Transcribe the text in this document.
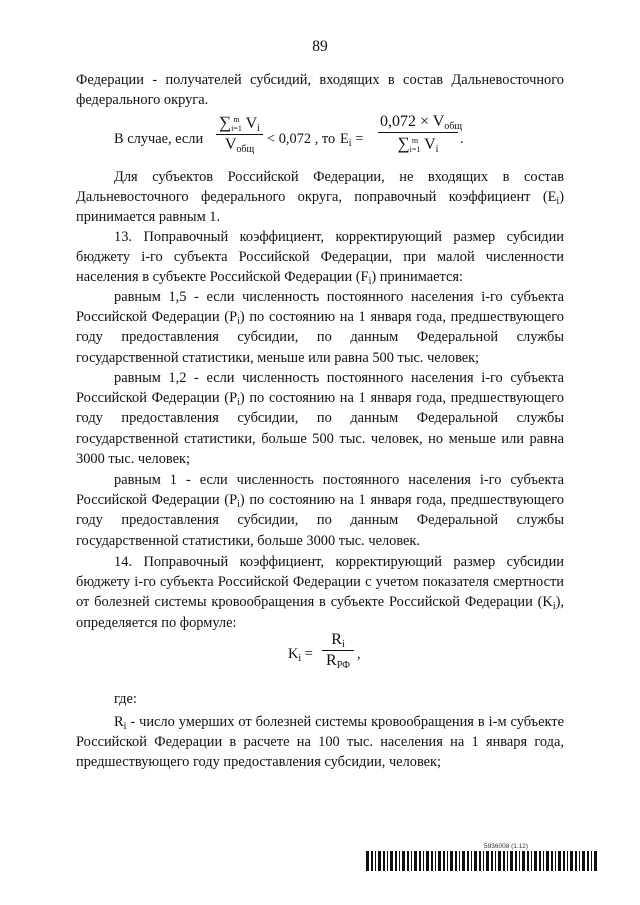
89

Федерации - получателей субсидий, входящих в состав Дальневосточного федерального округа.

В случае, если
∑ m
i=1 $V_i$
$V_{общ}$
< 0,072 , то $E_i$ =
$0,072 \times V_{общ}$
∑ m
i=1 $V_i$
.

Для субъектов Российской Федерации, не входящих в состав Дальневосточного федерального округа, поправочный коэффициент $(E_i)$ принимается равным 1.

13. Поправочный коэффициент, корректирующий размер субсидии бюджету i-го субъекта Российской Федерации, при малой численности населения в субъекте Российской Федерации $(F_i)$ принимается:

равным 1,5 - если численность постоянного населения i-го субъекта Российской Федерации $(P_i)$ по состоянию на 1 января года, предшествующего году предоставления субсидии, по данным Федеральной службы государственной статистики, меньше или равна 500 тыс. человек;

равным 1,2 - если численность постоянного населения i-го субъекта Российской Федерации $(P_i)$ по состоянию на 1 января года, предшествующего году предоставления субсидии, по данным Федеральной службы государственной статистики, больше 500 тыс. человек, но меньше или равна 3000 тыс. человек;

равным 1 - если численность постоянного населения i-го субъекта Российской Федерации $(P_i)$ по состоянию на 1 января года, предшествующего году предоставления субсидии, по данным Федеральной службы государственной статистики, больше 3000 тыс. человек.

14. Поправочный коэффициент, корректирующий размер субсидии бюджету i-го субъекта Российской Федерации с учетом показателя смертности от болезней системы кровообращения в субъекте Российской Федерации $(K_i)$, определяется по формуле:

$K_i$ =
$R_i$
$R_{РФ}$
,

где:

$R_i$ - число умерших от болезней системы кровообращения в i-м субъекте Российской Федерации в расчете на 100 тыс. населения на 1 января года, предшествующего году предоставления субсидии, человек;

5936008 (1.12)
